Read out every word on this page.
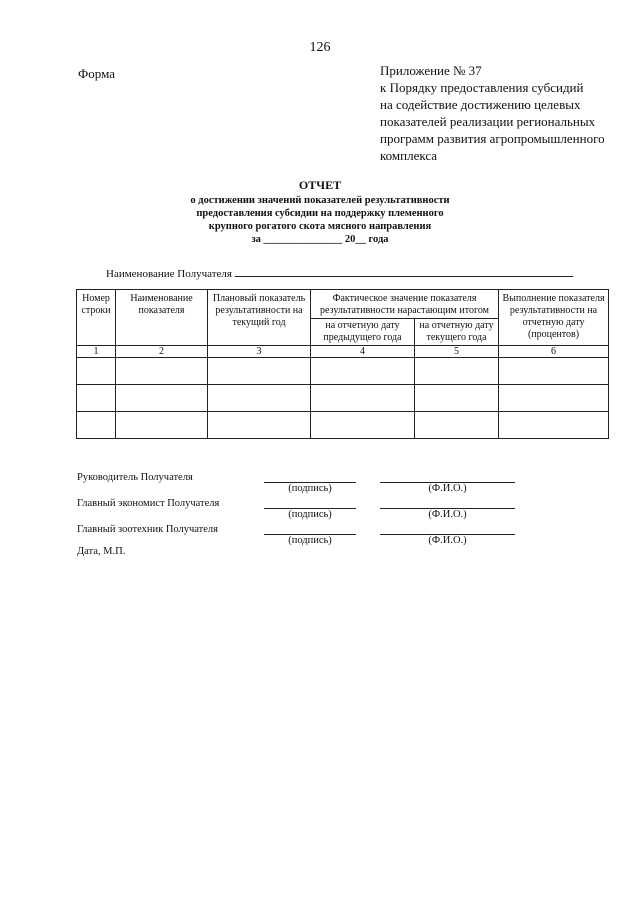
126
Форма	Приложение № 37
к Порядку предоставления субсидий
на содействие достижению целевых
показателей реализации региональных
программ развития агропромышленного
комплекса
ОТЧЕТ
о достижении значений показателей результативности
предоставления субсидии на поддержку племенного
крупного рогатого скота мясного направления
за _______________ 20__ года
Наименование Получателя
Номер строки	Наименование показателя	Плановый показатель результативности на текущий год	Фактическое значение показателя результативности нарастающим итогом		Выполнение показателя результативности на отчетную дату (процентов)
			на отчетную дату предыдущего года	на отчетную дату текущего года	
1	2	3	4	5	6

Руководитель Получателя
(подпись)	(Ф.И.О.)
Главный экономист Получателя
(подпись)	(Ф.И.О.)
Главный зоотехник Получателя
(подпись)	(Ф.И.О.)
Дата, М.П.
